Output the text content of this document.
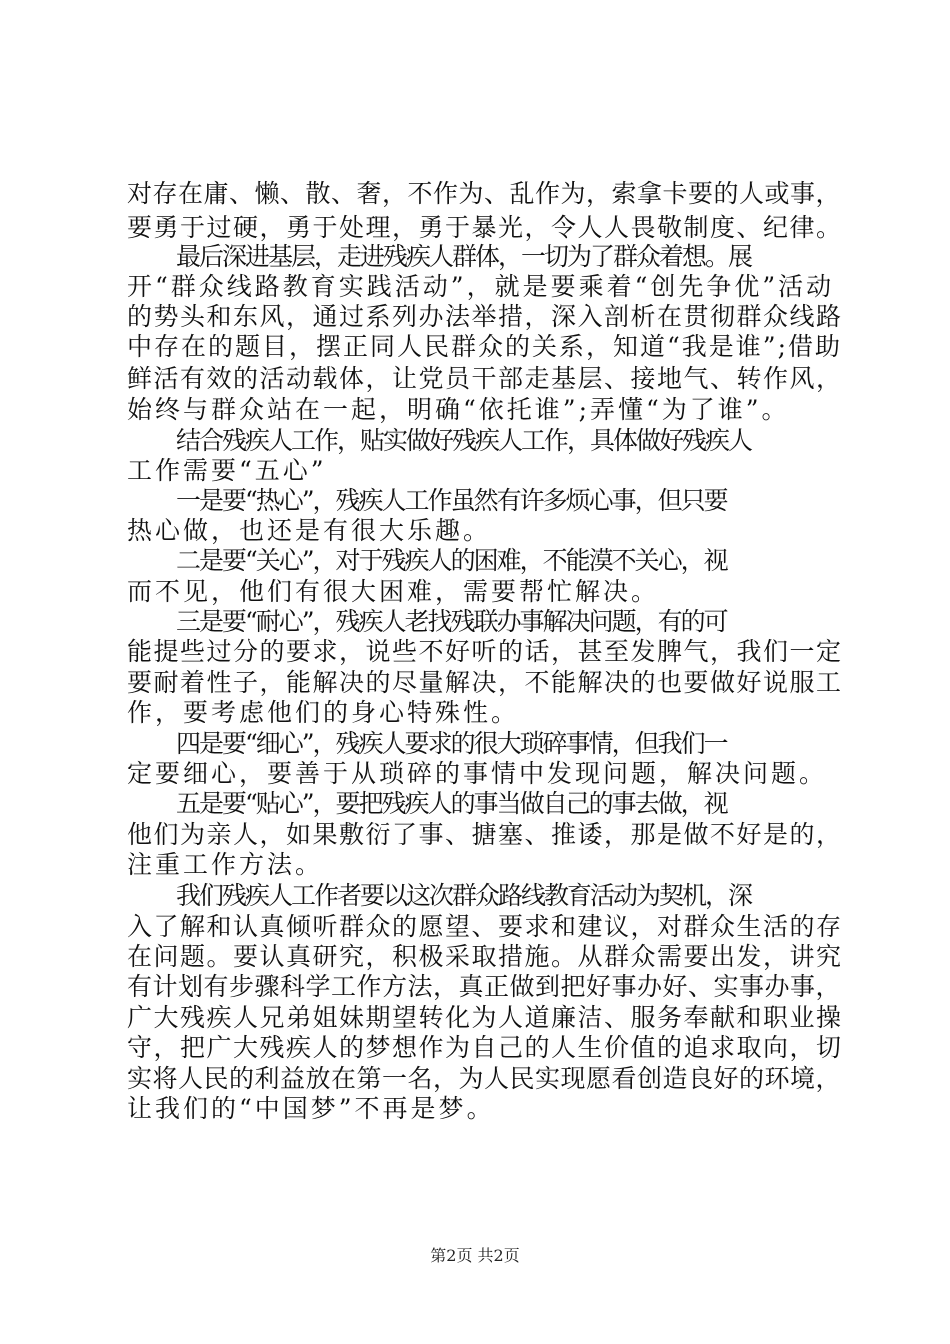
对存在庸、懒、散、奢，不作为、乱作为，索拿卡要的人或事，
要勇于过硬，勇于处理，勇于暴光，令人人畏敬制度、纪律。
最后深进基层，走进残疾人群体，一切为了群众着想。展
开“群众线路教育实践活动”，就是要乘着“创先争优”活动
的势头和东风，通过系列办法举措，深入剖析在贯彻群众线路
中存在的题目，摆正同人民群众的关系，知道“我是谁”;借助
鲜活有效的活动载体，让党员干部走基层、接地气、转作风，
始终与群众站在一起，明确“依托谁”;弄懂“为了谁”。
结合残疾人工作，贴实做好残疾人工作，具体做好残疾人
工作需要“五心”
一是要“热心”，残疾人工作虽然有许多烦心事，但只要
热心做，也还是有很大乐趣。
二是要“关心”，对于残疾人的困难，不能漠不关心，视
而不见，他们有很大困难，需要帮忙解决。
三是要“耐心”，残疾人老找残联办事解决问题，有的可
能提些过分的要求，说些不好听的话，甚至发脾气，我们一定
要耐着性子，能解决的尽量解决，不能解决的也要做好说服工
作，要考虑他们的身心特殊性。
四是要“细心”，残疾人要求的很大琐碎事情，但我们一
定要细心，要善于从琐碎的事情中发现问题，解决问题。
五是要“贴心”，要把残疾人的事当做自己的事去做，视
他们为亲人，如果敷衍了事、搪塞、推诿，那是做不好是的，
注重工作方法。
我们残疾人工作者要以这次群众路线教育活动为契机，深
入了解和认真倾听群众的愿望、要求和建议，对群众生活的存
在问题。要认真研究，积极采取措施。从群众需要出发，讲究
有计划有步骤科学工作方法，真正做到把好事办好、实事办事，
广大残疾人兄弟姐妹期望转化为人道廉洁、服务奉献和职业操
守，把广大残疾人的梦想作为自己的人生价值的追求取向，切
实将人民的利益放在第一名，为人民实现愿看创造良好的环境，
让我们的“中国梦”不再是梦。
第2页 共2页
